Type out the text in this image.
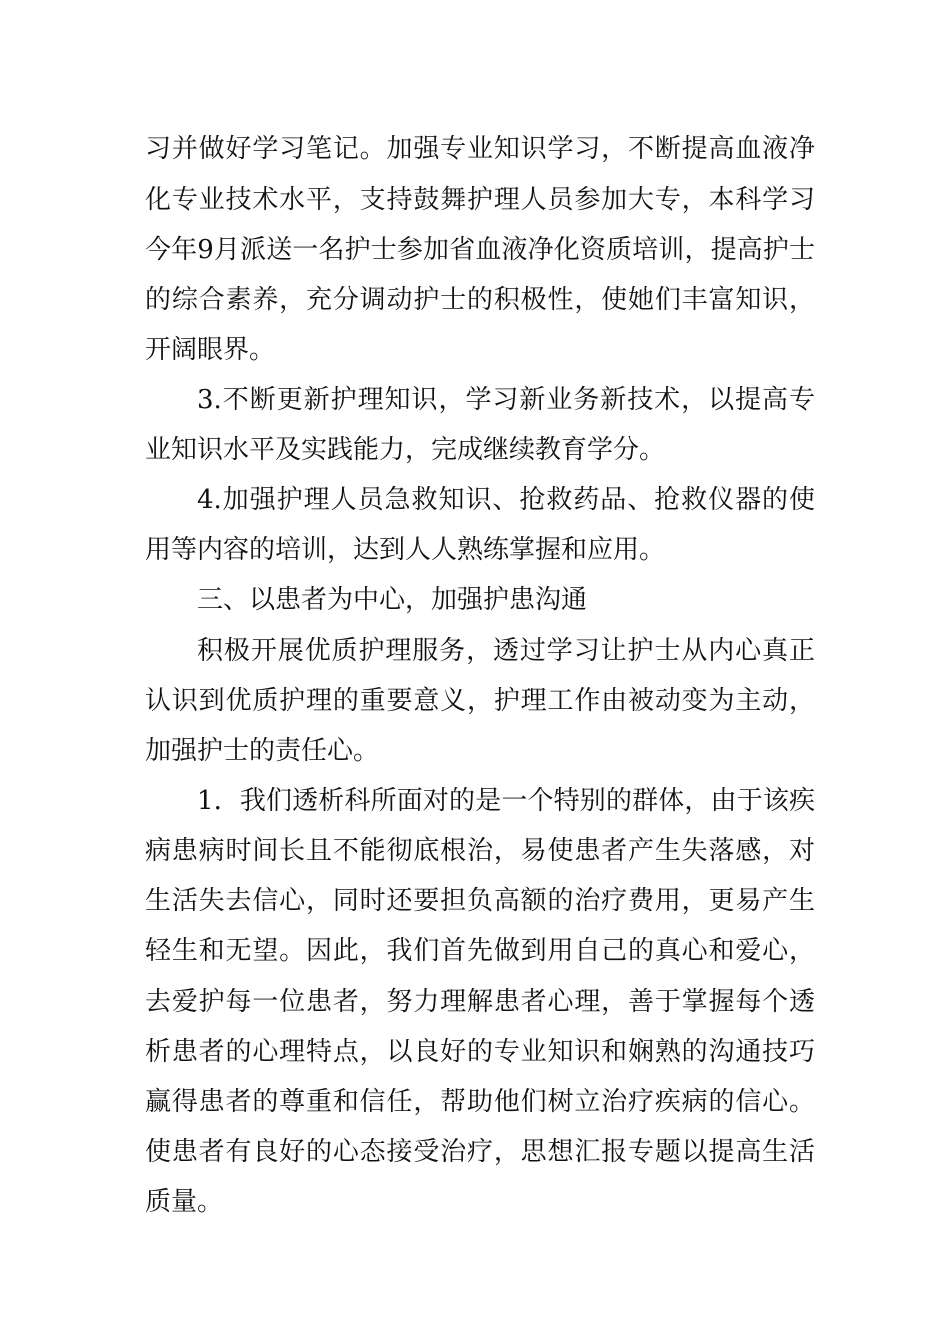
习并做好学习笔记。加强专业知识学习，不断提高血液净

化专业技术水平，支持鼓舞护理人员参加大专，本科学习

今年9月派送一名护士参加省血液净化资质培训，提高护士

的综合素养，充分调动护士的积极性，使她们丰富知识，

开阔眼界。

3.不断更新护理知识，学习新业务新技术，以提高专

业知识水平及实践能力，完成继续教育学分。

4.加强护理人员急救知识、抢救药品、抢救仪器的使

用等内容的培训，达到人人熟练掌握和应用。

三、以患者为中心，加强护患沟通

积极开展优质护理服务，透过学习让护士从内心真正

认识到优质护理的重要意义，护理工作由被动变为主动，

加强护士的责任心。

1．我们透析科所面对的是一个特别的群体，由于该疾

病患病时间长且不能彻底根治，易使患者产生失落感，对

生活失去信心，同时还要担负高额的治疗费用，更易产生

轻生和无望。因此，我们首先做到用自己的真心和爱心，

去爱护每一位患者，努力理解患者心理，善于掌握每个透

析患者的心理特点，以良好的专业知识和娴熟的沟通技巧

赢得患者的尊重和信任，帮助他们树立治疗疾病的信心。

使患者有良好的心态接受治疗，思想汇报专题以提高生活

质量。
